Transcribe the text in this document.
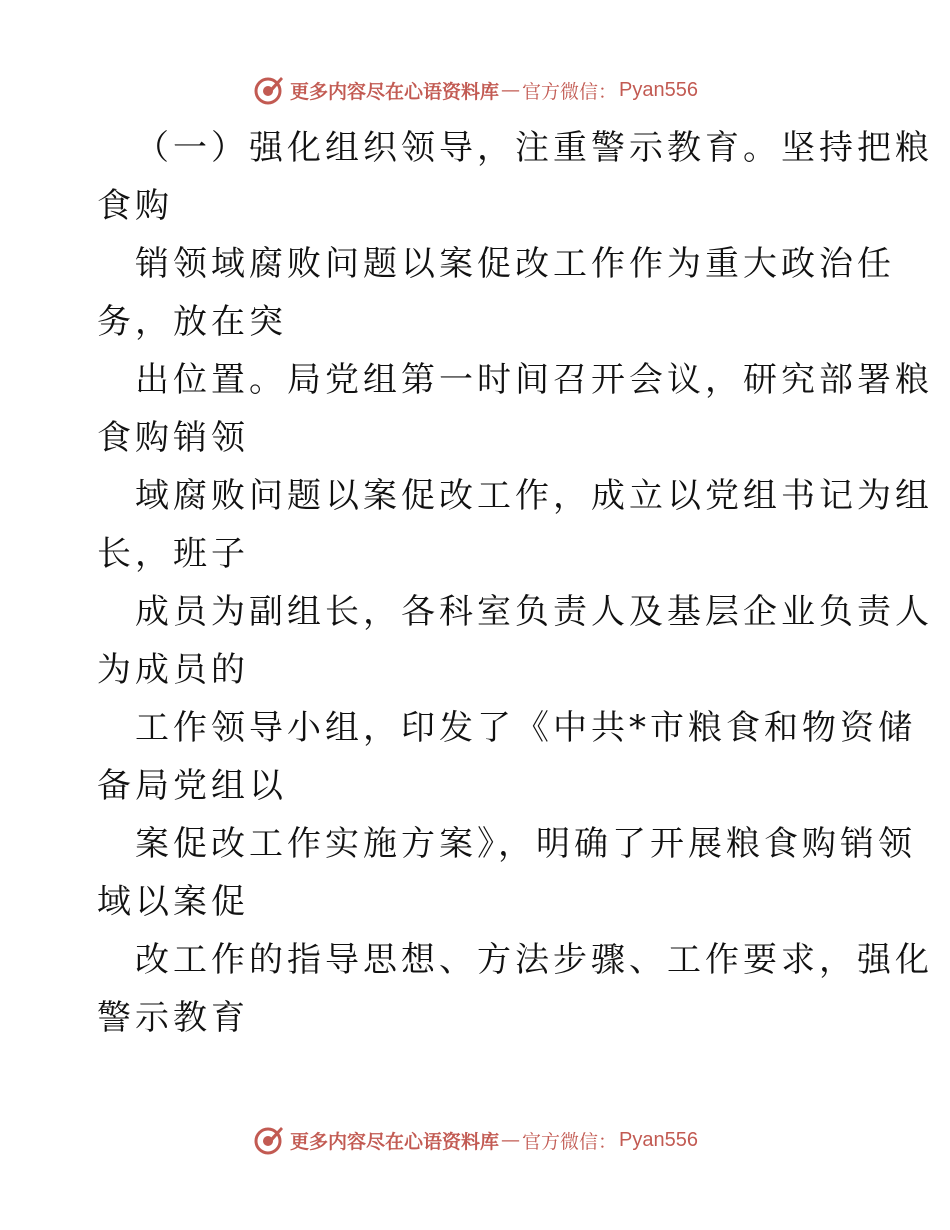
更多内容尽在心语资料库 — 官方微信： Pyan556
（一）强化组织领导，注重警示教育。坚持把粮
食购
销领域腐败问题以案促改工作作为重大政治任
务，放在突
出位置。局党组第一时间召开会议，研究部署粮
食购销领
域腐败问题以案促改工作，成立以党组书记为组
长，班子
成员为副组长，各科室负责人及基层企业负责人
为成员的
工作领导小组，印发了《中共*市粮食和物资储
备局党组以
案促改工作实施方案》，明确了开展粮食购销领
域以案促
改工作的指导思想、方法步骤、工作要求，强化
警示教育
更多内容尽在心语资料库 — 官方微信： Pyan556
